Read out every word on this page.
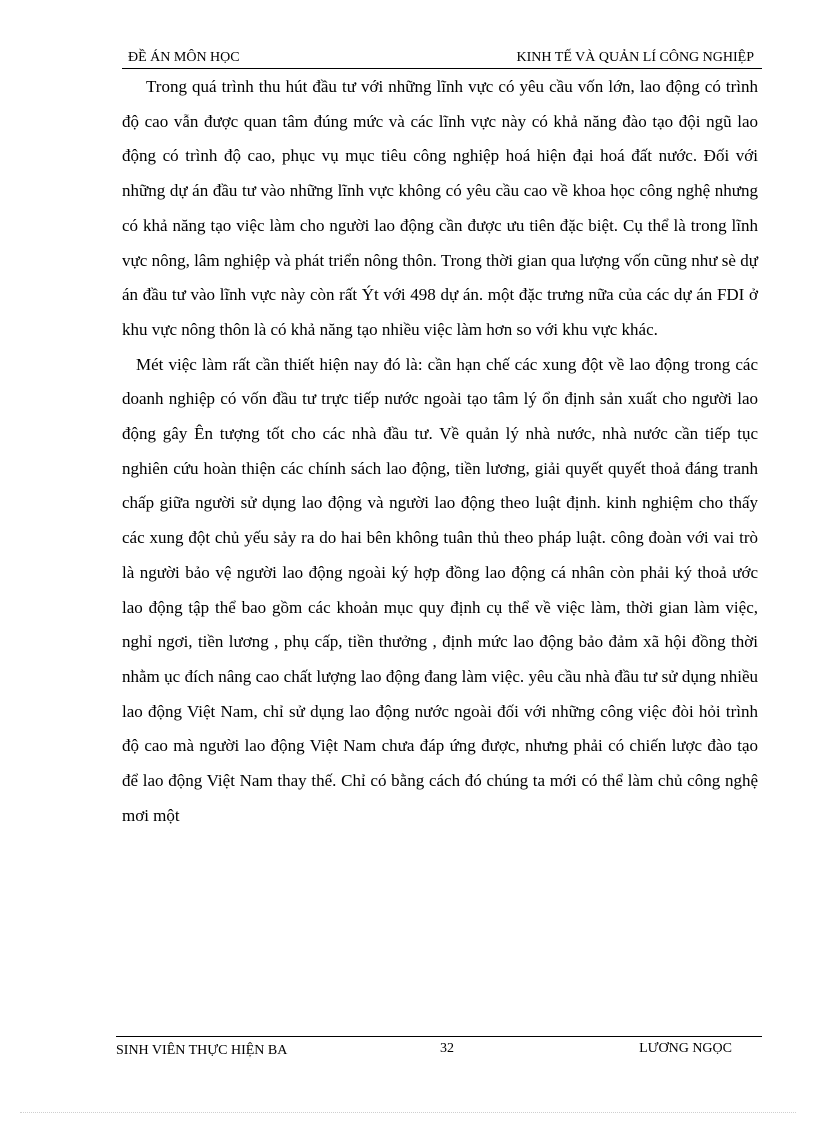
ĐỀ ÁN MÔN HỌC	KINH TẾ VÀ QUẢN LÍ CÔNG NGHIỆP

Trong quá trình thu hút đầu tư với những lĩnh vực có yêu cầu vốn lớn, lao động có trình độ cao vẫn được quan tâm đúng mức và các lĩnh vực này có khả năng đào tạo đội ngũ lao động có trình độ cao, phục vụ mục tiêu công nghiệp hoá hiện đại hoá đất nước. Đối với những dự án đầu tư vào những lĩnh vực không có yêu cầu cao về khoa học công nghệ nhưng có khả năng tạo việc làm cho người lao động cần được ưu tiên đặc biệt. Cụ thể là trong lĩnh vực nông, lâm nghiệp và phát triển nông thôn. Trong thời gian qua lượng vốn cũng như sè dự án đầu tư vào lĩnh vực này còn rất Ýt với 498 dự án. một đặc trưng nữa của các dự án FDI ở khu vực nông thôn là có khả năng tạo nhiều việc làm hơn so với khu vực khác.

Mét việc làm rất cần thiết hiện nay đó là: cần hạn chế các xung đột về lao động trong các doanh nghiệp có vốn đầu tư trực tiếp nước ngoài tạo tâm lý ổn định sản xuất cho người lao động gây Ên tượng tốt cho các nhà đầu tư. Về quản lý nhà nước, nhà nước cần tiếp tục nghiên cứu hoàn thiện các chính sách lao động, tiền lương, giải quyết quyết thoả đáng tranh chấp giữa người sử dụng lao động và người lao động theo luật định. kinh nghiệm cho thấy các xung đột chủ yếu sảy ra do hai bên không tuân thủ theo pháp luật. công đoàn với vai trò là người bảo vệ người lao động ngoài ký hợp đồng lao động cá nhân còn phải ký thoả ước lao động tập thể bao gồm các khoản mục quy định cụ thể về việc làm, thời gian làm việc, nghỉ ngơi, tiền lương , phụ cấp, tiền thưởng , định mức lao động bảo đảm xã hội đồng thời nhằm ục đích nâng cao chất lượng lao động đang làm việc. yêu cầu nhà đầu tư sử dụng nhiều lao động Việt Nam, chỉ sử dụng lao động nước ngoài đối với những công việc đòi hỏi trình độ cao mà người lao động Việt Nam chưa đáp ứng được, nhưng phải có chiến lược đào tạo để lao động Việt Nam thay thế. Chỉ có bằng cách đó chúng ta mới có thể làm chủ công nghệ mơi một

SINH VIÊN THỰC HIỆN BA	32	LƯƠNG NGỌC
